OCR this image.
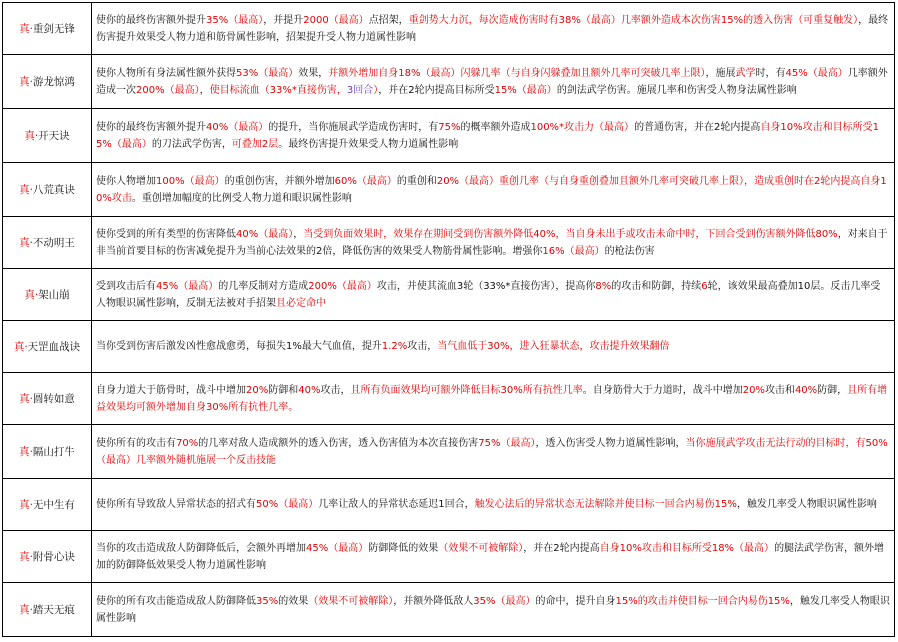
真·重剑无锋	使你的最终伤害额外提升35%（最高），并提升2000（最高）点招架，重剑势大力沉，每次造成伤害时有38%（最高）几率额外造成本次伤害15%的透入伤害（可重复触发），最终伤害提升效果受人物力道和筋骨属性影响，招架提升受人物力道属性影响
真·游龙惊鸿	使你人物所有身法属性额外获得53%（最高）效果，并额外增加自身18%（最高）闪躲几率（与自身闪躲叠加且额外几率可突破几率上限），施展武学时，有45%（最高）几率额外造成一次200%（最高），使目标流血（33%*直接伤害，3回合），并在2轮内提高目标所受15%（最高）的剑法武学伤害。施展几率和伤害受人物身法属性影响
真·开天诀	使你的最终伤害额外提升40%（最高）的提升，当你施展武学造成伤害时，有75%的概率额外造成100%*攻击力（最高）的普通伤害，并在2轮内提高自身10%攻击和目标所受15%（最高）的刀法武学伤害，可叠加2层。最终伤害提升效果受人物力道属性影响
真·八荒真诀	使你人物增加100%（最高）的重创伤害，并额外增加60%（最高）的重创和20%（最高）重创几率（与自身重创叠加且额外几率可突破几率上限），造成重创时在2轮内提高自身10%攻击。重创增加幅度的比例受人物力道和眼识属性影响
真·不动明王	使你受到的所有类型的伤害降低40%（最高），当受到负面效果时，效果存在期间受到伤害额外降低40%，当自身未出手或攻击未命中时，下回合受到伤害额外降低80%，对来自于非当前首要目标的伤害减免提升为当前心法效果的2倍，降低伤害的效果受人物筋骨属性影响。增强你16%（最高）的枪法伤害
真·架山崩	受到攻击后有45%（最高）的几率反制对方造成200%（最高）攻击，并使其流血3轮（33%*直接伤害），提高你8%的攻击和防御，持续6轮，该效果最高叠加10层。反击几率受人物眼识属性影响，反制无法被对手招架且必定命中
真·天罡血战诀	当你受到伤害后激发凶性愈战愈勇，每损失1%最大气血值，提升1.2%攻击，当气血低于30%，进入狂暴状态，攻击提升效果翻倍
真·圆转如意	自身力道大于筋骨时，战斗中增加20%防御和40%攻击，且所有负面效果均可额外降低目标30%所有抗性几率。自身筋骨大于力道时，战斗中增加20%攻击和40%防御，且所有增益效果均可额外增加自身30%所有抗性几率。
真·隔山打牛	使你所有的攻击有70%的几率对敌人造成额外的透入伤害，透入伤害值为本次直接伤害75%（最高），透入伤害受人物力道属性影响，当你施展武学攻击无法行动的目标时，有50%（最高）几率额外随机施展一个反击技能
真·无中生有	使你所有导致敌人异常状态的招式有50%（最高）几率让敌人的异常状态延迟1回合，触发心法后的异常状态无法解除并使目标一回合内易伤15%，触发几率受人物眼识属性影响
真·附骨心诀	当你的攻击造成敌人防御降低后，会额外再增加45%（最高）防御降低的效果（效果不可被解除），并在2轮内提高自身10%攻击和目标所受18%（最高）的腿法武学伤害，额外增加的防御降低效果受人物力道属性影响
真·踏天无痕	使你的所有攻击能造成敌人防御降低35%的效果（效果不可被解除），并额外降低敌人35%（最高）的命中，提升自身15%的攻击并使目标一回合内易伤15%，触发几率受人物眼识属性影响
